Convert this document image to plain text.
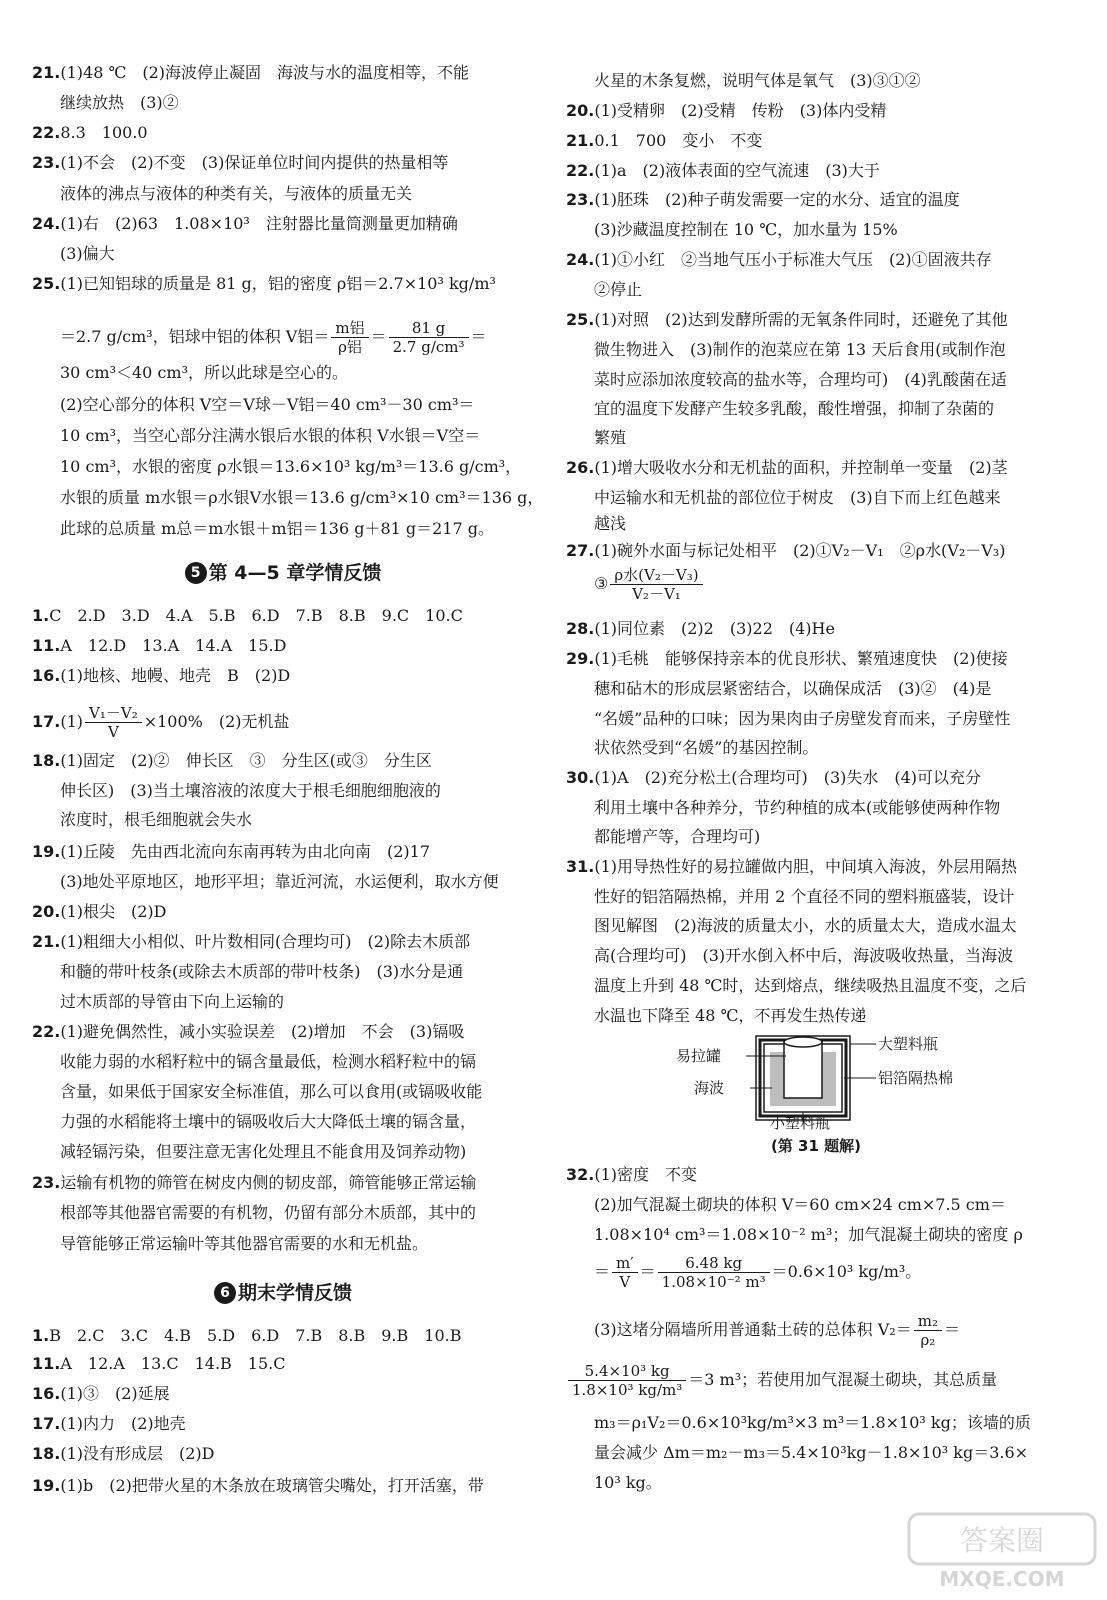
21.(1)48 ℃　(2)海波停止凝固　海波与水的温度相等，不能
继续放热　(3)②
22.8.3　100.0
23.(1)不会　(2)不变　(3)保证单位时间内提供的热量相等
液体的沸点与液体的种类有关，与液体的质量无关
24.(1)右　(2)63　1.08×10³　注射器比量筒测量更加精确
(3)偏大
25.(1)已知铝球的质量是 81 g，铝的密度 ρ铝＝2.7×10³ kg/m³
(2)空心部分的体积 V空＝V球－V铝＝40 cm³－30 cm³＝
10 cm³，当空心部分注满水银后水银的体积 V水银＝V空＝
10 cm³，水银的密度 ρ水银＝13.6×10³ kg/m³＝13.6 g/cm³，
水银的质量 m水银＝ρ水银V水银＝13.6 g/cm³×10 cm³＝136 g，
此球的总质量 m总＝m水银＋m铝＝136 g＋81 g＝217 g。
1.C　2.D　3.D　4.A　5.B　6.D　7.B　8.B　9.C　10.C
11.A　12.D　13.A　14.A　15.D
16.(1)地核、地幔、地壳　B　(2)D
18.(1)固定　(2)②　伸长区　③　分生区(或③　分生区
伸长区)　(3)当土壤溶液的浓度大于根毛细胞细胞液的
浓度时，根毛细胞就会失水
19.(1)丘陵　先由西北流向东南再转为由北向南　(2)17
(3)地处平原地区，地形平坦；靠近河流，水运便利，取水方便
20.(1)根尖　(2)D
21.(1)粗细大小相似、叶片数相同(合理均可)　(2)除去木质部
和髓的带叶枝条(或除去木质部的带叶枝条)　(3)水分是通
过木质部的导管由下向上运输的
22.(1)避免偶然性，减小实验误差　(2)增加　不会　(3)镉吸
收能力弱的水稻籽粒中的镉含量最低，检测水稻籽粒中的镉
含量，如果低于国家安全标准值，那么可以食用(或镉吸收能
力强的水稻能将土壤中的镉吸收后大大降低土壤的镉含量，
减轻镉污染，但要注意无害化处理且不能食用及饲养动物)
23.运输有机物的筛管在树皮内侧的韧皮部，筛管能够正常运输
根部等其他器官需要的有机物，仍留有部分木质部，其中的
导管能够正常运输叶等其他器官需要的水和无机盐。
1.B　2.C　3.C　4.B　5.D　6.D　7.B　8.B　9.B　10.B
11.A　12.A　13.C　14.B　15.C
16.(1)③　(2)延展
17.(1)内力　(2)地壳
18.(1)没有形成层　(2)D
19.(1)b　(2)把带火星的木条放在玻璃管尖嘴处，打开活塞，带
5 第 4—5 章学情反馈
6 期末学情反馈
＝2.7 g/cm³，铝球中铝的体积 V铝＝ $\frac{\text{m铝}}{\text{ρ铝}} = \frac{81 g}{\text{2.7 g/cm³}}$ ＝
30 cm³＜40 cm³，所以此球是空心的。
$17.(1) \frac{\text{V₁－V₂}}{V} \times 100\%$　(2)无机盐
易拉罐
海波
大塑料瓶
铝箔隔热棉
小塑料瓶
(第 31 题解)
火星的木条复燃，说明气体是氧气　(3)③①②
20.(1)受精卵　(2)受精　传粉　(3)体内受精
21.0.1　700　变小　不变
22.(1)a　(2)液体表面的空气流速　(3)大于
23.(1)胚珠　(2)种子萌发需要一定的水分、适宜的温度
(3)沙藏温度控制在 10 ℃，加水量为 15%
24.(1)①小红　②当地气压小于标准大气压　(2)①固液共存
②停止
25.(1)对照　(2)达到发酵所需的无氧条件同时，还避免了其他
微生物进入　(3)制作的泡菜应在第 13 天后食用(或制作泡
菜时应添加浓度较高的盐水等，合理均可)　(4)乳酸菌在适
宜的温度下发酵产生较多乳酸，酸性增强，抑制了杂菌的
繁殖
26.(1)增大吸收水分和无机盐的面积，并控制单一变量　(2)茎
中运输水和无机盐的部位位于树皮　(3)自下而上红色越来
越浅
27.(1)碗外水面与标记处相平　(2)①V₂－V₁　②ρ水(V₂－V₃)
28.(1)同位素　(2)2　(3)22　(4)He
29.(1)毛桃　能够保持亲本的优良形状、繁殖速度快　(2)使接
穗和砧木的形成层紧密结合，以确保成活　(3)②　(4)是
“名媛”品种的口味；因为果肉由子房壁发育而来，子房壁性
状依然受到“名媛”的基因控制。
30.(1)A　(2)充分松土(合理均可)　(3)失水　(4)可以充分
利用土壤中各种养分，节约种植的成本(或能够使两种作物
都能增产等，合理均可)
31.(1)用导热性好的易拉罐做内胆，中间填入海波，外层用隔热
性好的铝箔隔热棉，并用 2 个直径不同的塑料瓶盛装，设计
图见解图　(2)海波的质量太小，水的质量太大，造成水温太
高(合理均可)　(3)开水倒入杯中后，海波吸收热量，当海波
温度上升到 48 ℃时，达到熔点，继续吸热且温度不变，之后
水温也下降至 48 ℃，不再发生热传递
32.(1)密度　不变
(2)加气混凝土砌块的体积 V＝60 cm×24 cm×7.5 cm＝
1.08×10⁴ cm³＝1.08×10⁻² m³；加气混凝土砌块的密度 ρ
m₃＝ρ₁V₂＝0.6×10³kg/m³×3 m³＝1.8×10³ kg；该墙的质
量会减少 Δm＝m₂－m₃＝5.4×10³kg－1.8×10³ kg＝3.6×
10³ kg。
③ $\frac{\text{ρ水(V₂－V₃)}}{\text{V₂－V₁}}$
＝ $\frac{m'}{V} = \frac{6.48 kg}{\text{1.08×10⁻² m³}} =0.6\times 10^3$ kg/m³。
(3)这堵分隔墙所用普通黏土砖的总体积 $V_2= \frac{\text{m₂}}{\text{ρ₂}}$ ＝
$\frac{\text{5.4×10³ kg}}{\text{1.8×10³ kg/m³}} =3$ m³；若使用加气混凝土砌块，其总质量
答案圈
MXQE.COM
